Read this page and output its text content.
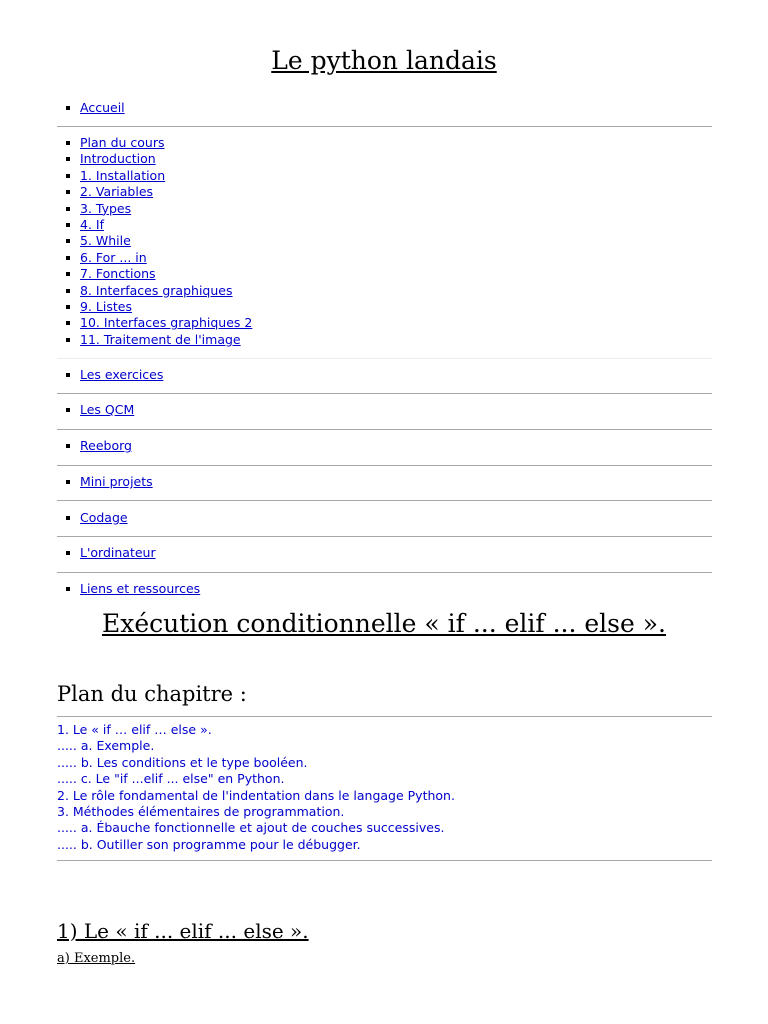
Le python landais
Accueil
Plan du cours
Introduction
1. Installation
2. Variables
3. Types
4. If
5. While
6. For ... in
7. Fonctions
8. Interfaces graphiques
9. Listes
10. Interfaces graphiques 2
11. Traitement de l'image
Les exercices
Les QCM
Reeborg
Mini projets
Codage
L'ordinateur
Liens et ressources
Exécution conditionnelle « if ... elif ... else ».
Plan du chapitre :
1. Le « if … elif … else ».
..... a. Exemple.
..... b. Les conditions et le type booléen.
..... c. Le "if ...elif ... else" en Python.
2. Le rôle fondamental de l'indentation dans le langage Python.
3. Méthodes élémentaires de programmation.
..... a. Ébauche fonctionnelle et ajout de couches successives.
..... b. Outiller son programme pour le débugger.
1) Le « if ... elif ... else ».
a) Exemple.
